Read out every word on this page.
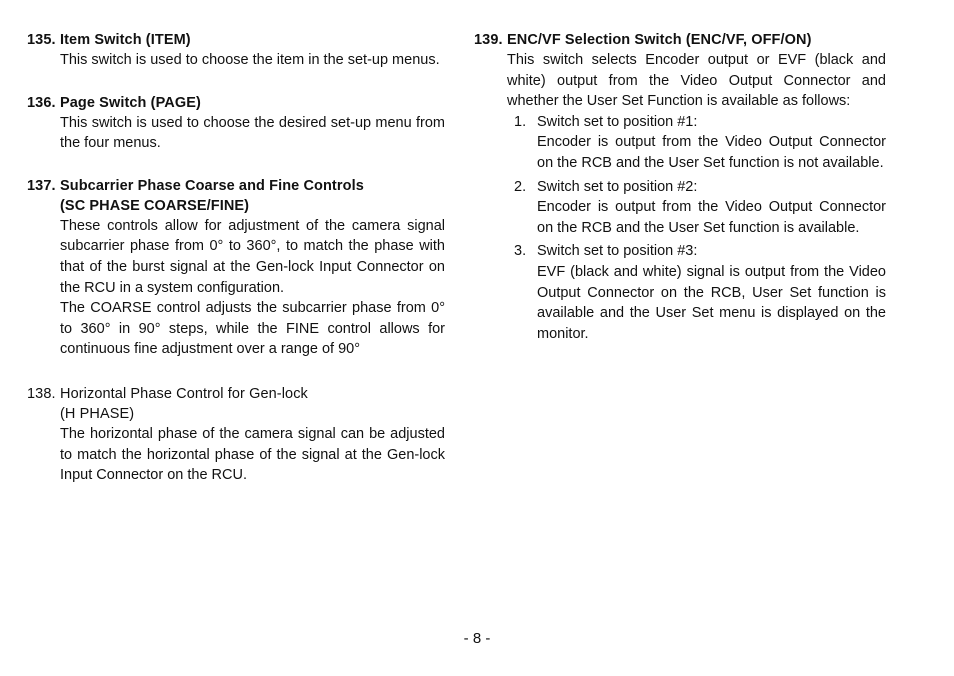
135. Item Switch (ITEM)

This switch is used to choose the item in the set-up menus.

136. Page Switch (PAGE)

This switch is used to choose the desired set-up menu from the four menus.

137. Subcarrier Phase Coarse and Fine Controls
(SC PHASE COARSE/FINE)

These controls allow for adjustment of the camera signal subcarrier phase from 0° to 360°, to match the phase with that of the burst signal at the Gen-lock Input Connector on the RCU in a system configuration.

The COARSE control adjusts the subcarrier phase from 0° to 360° in 90° steps, while the FINE control allows for continuous fine adjustment over a range of 90°

138. Horizontal Phase Control for Gen-lock
(H PHASE)

The horizontal phase of the camera signal can be adjusted to match the horizontal phase of the signal at the Gen-lock Input Connector on the RCU.

139. ENC/VF Selection Switch (ENC/VF, OFF/ON)

This switch selects Encoder output or EVF (black and white) output from the Video Output Connector and whether the User Set Function is available as follows:

1. Switch set to position #1:

Encoder is output from the Video Output Connector on the RCB and the User Set function is not available.

2. Switch set to position #2:

Encoder is output from the Video Output Connector on the RCB and the User Set function is available.

3. Switch set to position #3:

EVF (black and white) signal is output from the Video Output Connector on the RCB, User Set function is available and the User Set menu is displayed on the monitor.

- 8 -
